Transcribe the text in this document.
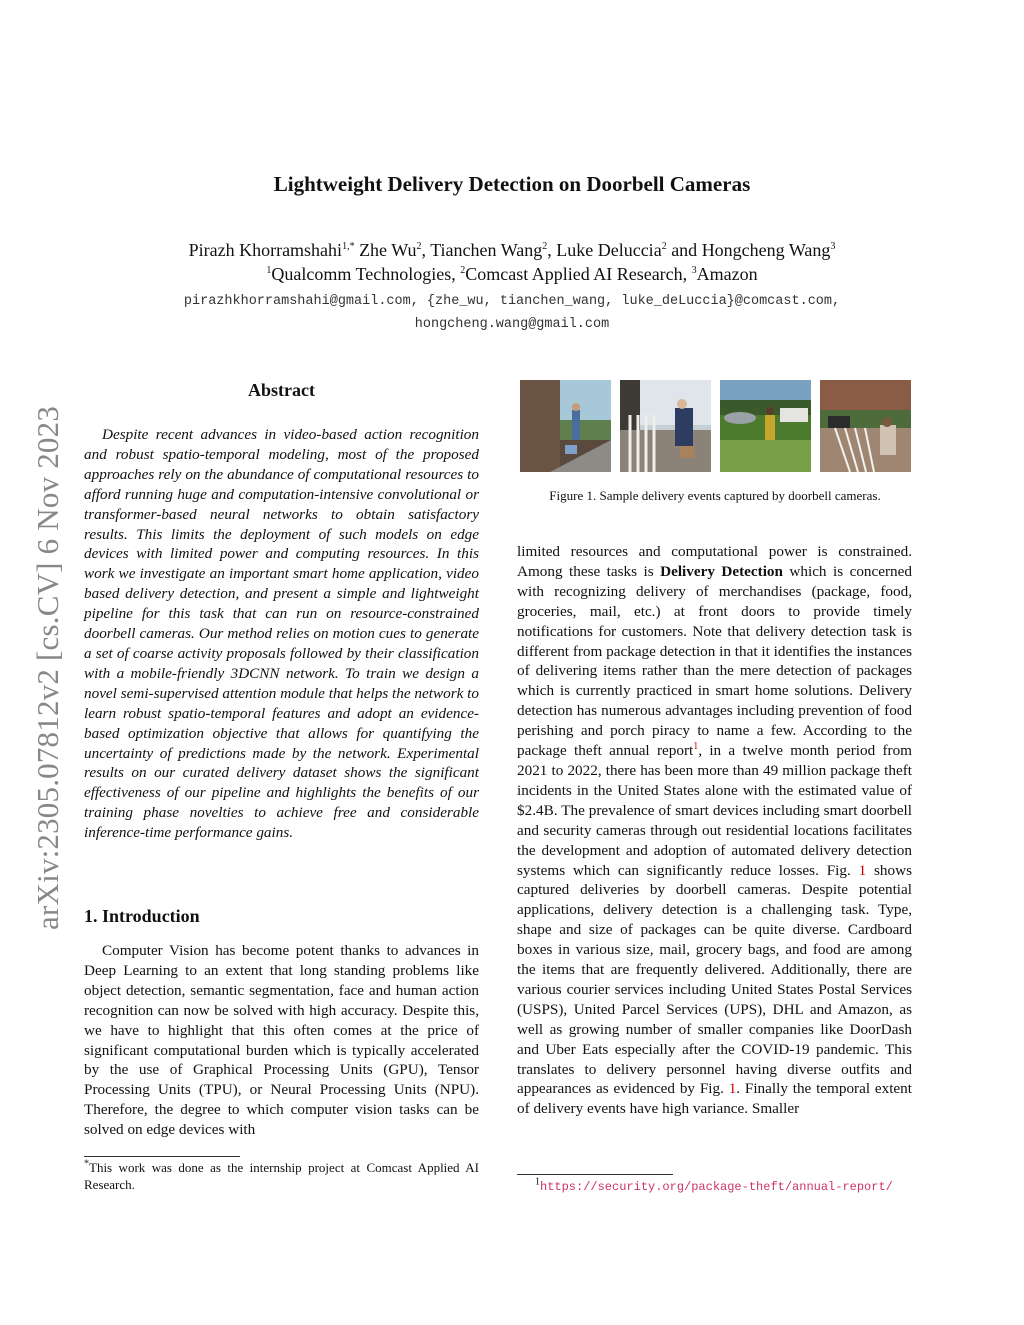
arXiv:2305.07812v2 [cs.CV] 6 Nov 2023
Lightweight Delivery Detection on Doorbell Cameras
Pirazh Khorramshahi$^{1,*}$ Zhe Wu$^2$, Tianchen Wang$^2$, Luke Deluccia$^2$ and Hongcheng Wang$^3$
$^1$Qualcomm Technologies, $^2$Comcast Applied AI Research, $^3$Amazon
pirazhkhorramshahi@gmail.com, {zhe_wu, tianchen_wang, luke_deLuccia}@comcast.com,
hongcheng.wang@gmail.com
Abstract
Despite recent advances in video-based action recognition and robust spatio-temporal modeling, most of the proposed approaches rely on the abundance of computational resources to afford running huge and computation-intensive convolutional or transformer-based neural networks to obtain satisfactory results. This limits the deployment of such models on edge devices with limited power and computing resources. In this work we investigate an important smart home application, video based delivery detection, and present a simple and lightweight pipeline for this task that can run on resource-constrained doorbell cameras. Our method relies on motion cues to generate a set of coarse activity proposals followed by their classification with a mobile-friendly 3DCNN network. To train we design a novel semi-supervised attention module that helps the network to learn robust spatio-temporal features and adopt an evidence-based optimization objective that allows for quantifying the uncertainty of predictions made by the network. Experimental results on our curated delivery dataset shows the significant effectiveness of our pipeline and highlights the benefits of our training phase novelties to achieve free and considerable inference-time performance gains.
1. Introduction
Computer Vision has become potent thanks to advances in Deep Learning to an extent that long standing problems like object detection, semantic segmentation, face and human action recognition can now be solved with high accuracy. Despite this, we have to highlight that this often comes at the price of significant computational burden which is typically accelerated by the use of Graphical Processing Units (GPU), Tensor Processing Units (TPU), or Neural Processing Units (NPU). Therefore, the degree to which computer vision tasks can be solved on edge devices with
*This work was done as the internship project at Comcast Applied AI Research.
Figure 1. Sample delivery events captured by doorbell cameras.
limited resources and computational power is constrained. Among these tasks is Delivery Detection which is concerned with recognizing delivery of merchandises (package, food, groceries, mail, etc.) at front doors to provide timely notifications for customers. Note that delivery detection task is different from package detection in that it identifies the instances of delivering items rather than the mere detection of packages which is currently practiced in smart home solutions. Delivery detection has numerous advantages including prevention of food perishing and porch piracy to name a few. According to the package theft annual report$^1$, in a twelve month period from 2021 to 2022, there has been more than 49 million package theft incidents in the United States alone with the estimated value of $2.4B. The prevalence of smart devices including smart doorbell and security cameras through out residential locations facilitates the development and adoption of automated delivery detection systems which can significantly reduce losses. Fig. 1 shows captured deliveries by doorbell cameras. Despite potential applications, delivery detection is a challenging task. Type, shape and size of packages can be quite diverse. Cardboard boxes in various size, mail, grocery bags, and food are among the items that are frequently delivered. Additionally, there are various courier services including United States Postal Services (USPS), United Parcel Services (UPS), DHL and Amazon, as well as growing number of smaller companies like DoorDash and Uber Eats especially after the COVID-19 pandemic. This translates to delivery personnel having diverse outfits and appearances as evidenced by Fig. 1. Finally the temporal extent of delivery events have high variance. Smaller
$^1$https://security.org/package-theft/annual-report/
